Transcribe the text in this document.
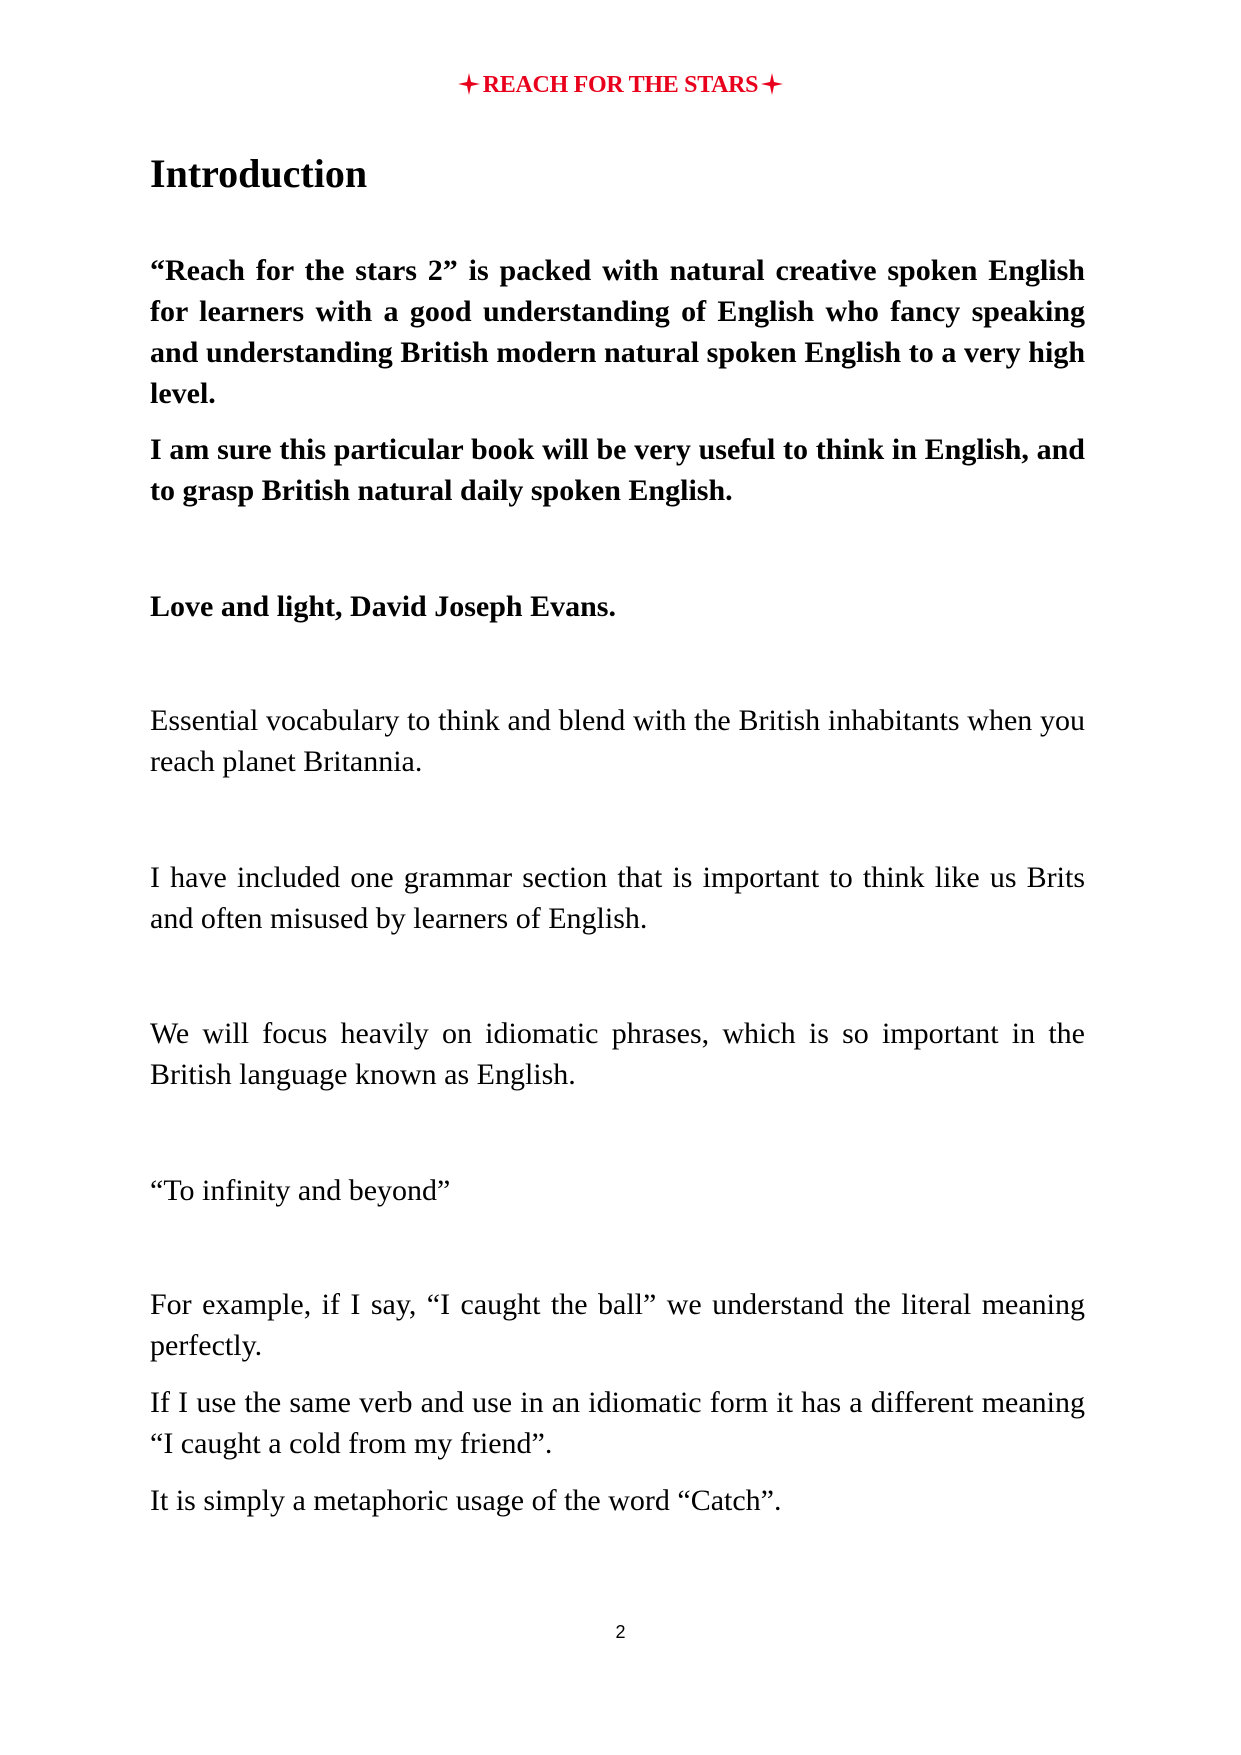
REACH FOR THE STARS
Introduction

“Reach for the stars 2” is packed with natural creative spoken English for learners with a good understanding of English who fancy speaking and understanding British modern natural spoken English to a very high level.

I am sure this particular book will be very useful to think in English, and to grasp British natural daily spoken English.

Love and light, David Joseph Evans.

Essential vocabulary to think and blend with the British inhabitants when you reach planet Britannia.

I have included one grammar section that is important to think like us Brits and often misused by learners of English.

We will focus heavily on idiomatic phrases, which is so important in the British language known as English.

“To infinity and beyond”

For example, if I say, “I caught the ball” we understand the literal meaning perfectly.

If I use the same verb and use in an idiomatic form it has a different meaning “I caught a cold from my friend”.

It is simply a metaphoric usage of the word “Catch”.

2
